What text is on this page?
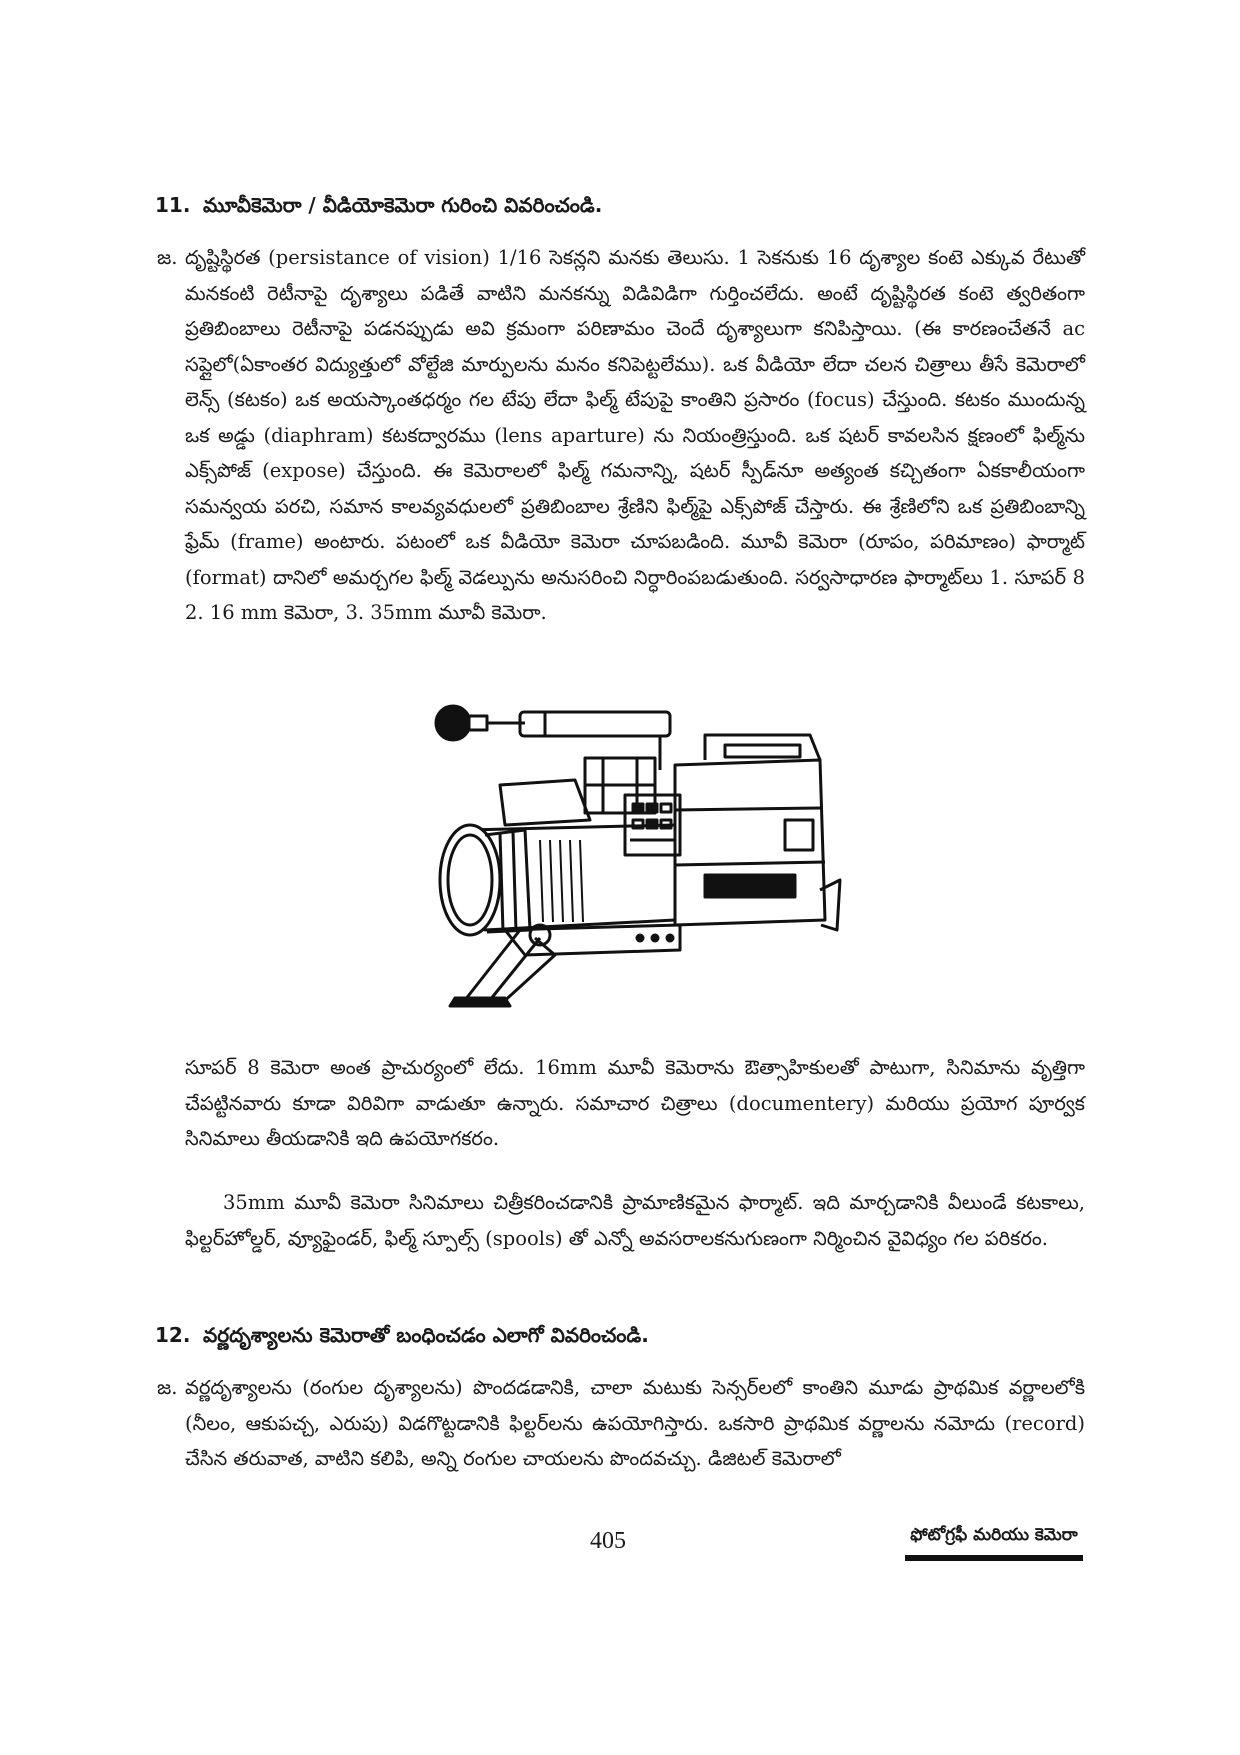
11. మూవీకెమెరా / వీడియోకెమెరా గురించి వివరించండి.
జ. దృష్టిస్థిరత (persistance of vision) 1/16 సెకన్లని మనకు తెలుసు. 1 సెకనుకు 16 దృశ్యాల కంటె ఎక్కువ రేటుతో మనకంటి రెటీనాపై దృశ్యాలు పడితే వాటిని మనకన్ను విడివిడిగా గుర్తించలేదు. అంటే దృష్టిస్థిరత కంటె త్వరితంగా ప్రతిబింబాలు రెటీనాపై పడనప్పుడు అవి క్రమంగా పరిణామం చెందే దృశ్యాలుగా కనిపిస్తాయి. (ఈ కారణంచేతనే ac సప్లైలో(ఏకాంతర విద్యుత్తులో వోల్టేజి మార్పులను మనం కనిపెట్టలేము). ఒక వీడియో లేదా చలన చిత్రాలు తీసే కెమెరాలో లెన్స్ (కటకం) ఒక అయస్కాంతధర్మం గల టేపు లేదా ఫిల్మ్ టేపుపై కాంతిని ప్రసారం (focus) చేస్తుంది. కటకం ముందున్న ఒక అడ్డు (diaphram) కటకద్వారము (lens aparture) ను నియంత్రిస్తుంది. ఒక షటర్ కావలసిన క్షణంలో ఫిల్మ్‌ను ఎక్స్‌పోజ్ (expose) చేస్తుంది. ఈ కెమెరాలలో ఫిల్మ్ గమనాన్ని, షటర్ స్పీడ్‌నూ అత్యంత కచ్చితంగా ఏకకాలీయంగా సమన్వయ పరచి, సమాన కాలవ్యవధులలో ప్రతిబింబాల శ్రేణిని ఫిల్మ్‌పై ఎక్స్‌పోజ్ చేస్తారు. ఈ శ్రేణిలోని ఒక ప్రతిబింబాన్ని ఫ్రేమ్ (frame) అంటారు. పటంలో ఒక వీడియో కెమెరా చూపబడింది. మూవీ కెమెరా (రూపం, పరిమాణం) ఫార్మాట్ (format) దానిలో అమర్చగల ఫిల్మ్ వెడల్పును అనుసరించి నిర్ధారింపబడుతుంది. సర్వసాధారణ ఫార్మాట్‌లు 1. సూపర్ 8 2. 16 mm కెమెరా, 3. 35mm మూవీ కెమెరా.
సూపర్ 8 కెమెరా అంత ప్రాచుర్యంలో లేదు. 16mm మూవీ కెమెరాను ఔత్సాహికులతో పాటుగా, సినిమాను వృత్తిగా చేపట్టినవారు కూడా విరివిగా వాడుతూ ఉన్నారు. సమాచార చిత్రాలు (documentery) మరియు ప్రయోగ పూర్వక సినిమాలు తీయడానికి ఇది ఉపయోగకరం.
35mm మూవీ కెమెరా సినిమాలు చిత్రీకరించడానికి ప్రామాణికమైన ఫార్మాట్. ఇది మార్చడానికి వీలుండే కటకాలు, ఫిల్టర్‌హోల్డర్, వ్యూఫైండర్, ఫిల్మ్ స్పూల్స్ (spools) తో ఎన్నో అవసరాలకనుగుణంగా నిర్మించిన వైవిధ్యం గల పరికరం.
12. వర్ణదృశ్యాలను కెమెరాతో బంధించడం ఎలాగో వివరించండి.
జ. వర్ణదృశ్యాలను (రంగుల దృశ్యాలను) పొందడడానికి, చాలా మటుకు సెన్సర్‌లలో కాంతిని మూడు ప్రాథమిక వర్ణాలలోకి (నీలం, ఆకుపచ్చ, ఎరుపు) విడగొట్టడానికి ఫిల్టర్‌లను ఉపయోగిస్తారు. ఒకసారి ప్రాథమిక వర్ణాలను నమోదు (record) చేసిన తరువాత, వాటిని కలిపి, అన్ని రంగుల చాయలను పొందవచ్చు. డిజిటల్ కెమెరాలో
405	ఫోటోగ్రఫీ మరియు కెమెరా
